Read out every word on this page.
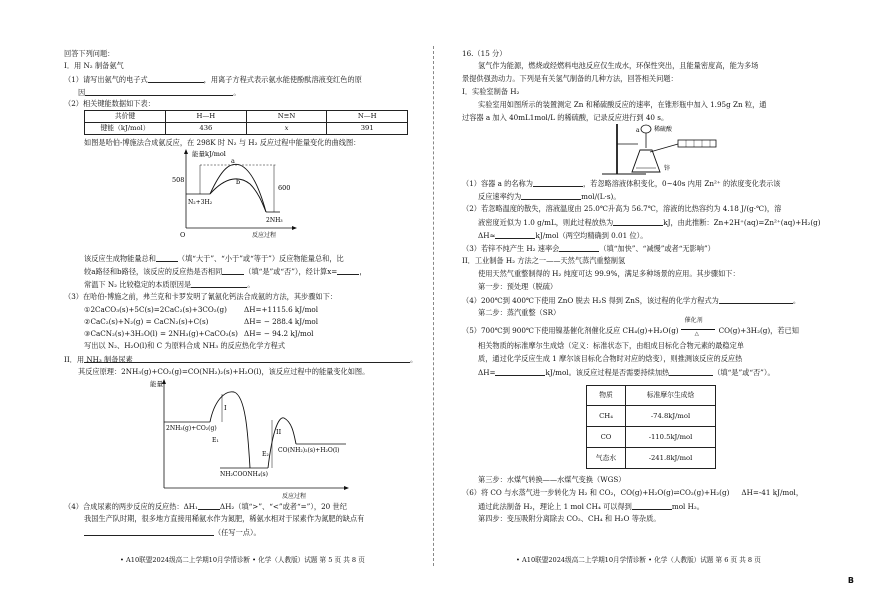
回答下列问题：
I．用 N₂ 制备氨气
（1）请写出氨气的电子式	，用离子方程式表示氨水能使酚酞溶液变红色的原
因	。
（2）相关键能数据如下表：
共价键	H—H	N≡N	N—H
键能（kJ/mol）	436	x	391
如图是哈伯-博施法合成氨反应，在 298K 时 N₂ 与 H₂ 反应过程中能量变化的曲线图：
能量kJ/mol
508
600
a
b
N₂+3H₂
2NH₃
O	反应过程
该反应生成物能量总和	（填“大于”、“小于”或“等于”）反应物能量总和，比
较a路径和b路径，该反应的反应热是否相同	（填“是”或“否”），经计算x=	，
常温下 N₂ 比较稳定的本质原因是	。
（3）在哈伯-博施之前，弗兰克和卡罗发明了氰氨化钙法合成氨的方法，其步骤如下：
①2CaCO₃(s)+5C(s)=2CaC₂(s)+3CO₂(g) ΔH=+1115.6 kJ/mol
②CaC₂(s)+N₂(g) = CaCN₂(s)+C(s)	ΔH= − 288.4 kJ/mol
③CaCN₂(s)+3H₂O(l) = 2NH₃(g)+CaCO₃(s) ΔH= − 94.2 kJ/mol
写出以 N₂、H₂O(l)和 C 为原料合成 NH₃ 的反应热化学方程式
。
II．用 NH₃ 制备尿素
其反应原理：2NH₃(g)+CO₂(g)=CO(NH₂)₂(s)+H₂O(l)，该反应过程中的能量变化如图。
能量
I
II
2NH₃(g)+CO₂(g)
E₁
E₂
CO(NH₂)₂(s)+H₂O(l)
NH₂COONH₄(s)
反应过程
（4）合成尿素的两步反应的反应热：ΔH₁	ΔH₂（填“>”、“<”或者“=”），20 世纪
我国生产队时期，很多地方直接用稀氨水作为氮肥，稀氨水相对于尿素作为氮肥的缺点有
（任写一点）。
• A10联盟2024级高二上学期10月学情诊断 • 化学（人教版）试题 第 5 页 共 8 页
16.（15 分）
氢气作为能源，燃烧或经燃料电池反应仅生成水，环保性突出，且能量密度高，能为多场
景提供强劲动力。下列是有关氢气制备的几种方法，回答相关问题：
I．实验室制备 H₂
实验室用如图所示的装置测定 Zn 和稀硫酸反应的速率，在锥形瓶中加入 1.95g Zn 粒，通
过容器 a 加入 40mL1mol/L 的稀硫酸，记录反应进行到 40 s。
a 稀硫酸
锌
（1）容器 a 的名称为	，若忽略溶液体积变化，0~40s 内用 Zn²⁺ 的浓度变化表示该
反应速率约为	mol/(L·s)。
（2）若忽略温度的散失，溶液温度由 25.0℃升高为 56.7℃，溶液的比热容约为 4.18 J/(g·℃)，溶
液密度近似为 1.0 g/mL，则此过程放热为	kJ，由此推断：Zn+2H⁺(aq)=Zn²⁺(aq)+H₂(g)
ΔH≈	kJ/mol（两空均精确到 0.01 位）。
（3）若锌不纯产生 H₂ 速率会	（填“加快”、“减慢”或者“无影响”）
II．工业制备 H₂ 方法之一——天然气蒸汽重整制氢
使用天然气重整制得的 H₂ 纯度可达 99.9%，满足多种场景的应用。其步骤如下：
第一步：预处理（脱硫）
（4）200℃到 400℃下使用 ZnO 脱去 H₂S 得到 ZnS，该过程的化学方程式为	。
第二步：蒸汽重整（SR）
（5）700℃到 900℃下使用镍基催化剂催化反应 CH₄(g)+H₂O(g)
催化剂
△	CO(g)+3H₂(g)，若已知
相关物质的标准摩尔生成焓（定义：标准状态下，由组成目标化合物元素的最稳定单
质，通过化学反应生成 1 摩尔该目标化合物时对应的焓变），则推测该反应的反应热
ΔH=	kJ/mol。该反应过程是否需要持续加热	（填“是”或“否”）。
物质	标准摩尔生成焓
CH₄	-74.8kJ/mol
CO	-110.5kJ/mol
气态水	-241.8kJ/mol
第三步：水煤气转换——水煤气变换（WGS）
（6）将 CO 与水蒸气进一步转化为 H₂ 和 CO₂，CO(g)+H₂O(g)⇌CO₂(g)+H₂(g) ΔH=-41 kJ/mol，
通过此法制备 H₂，理论上 1 mol CH₄ 可以得到	mol H₂。
第四步：变压吸附分离除去 CO₂、CH₄ 和 H₂O 等杂质。
• A10联盟2024级高二上学期10月学情诊断 • 化学（人教版）试题 第 6 页 共 8 页
B
